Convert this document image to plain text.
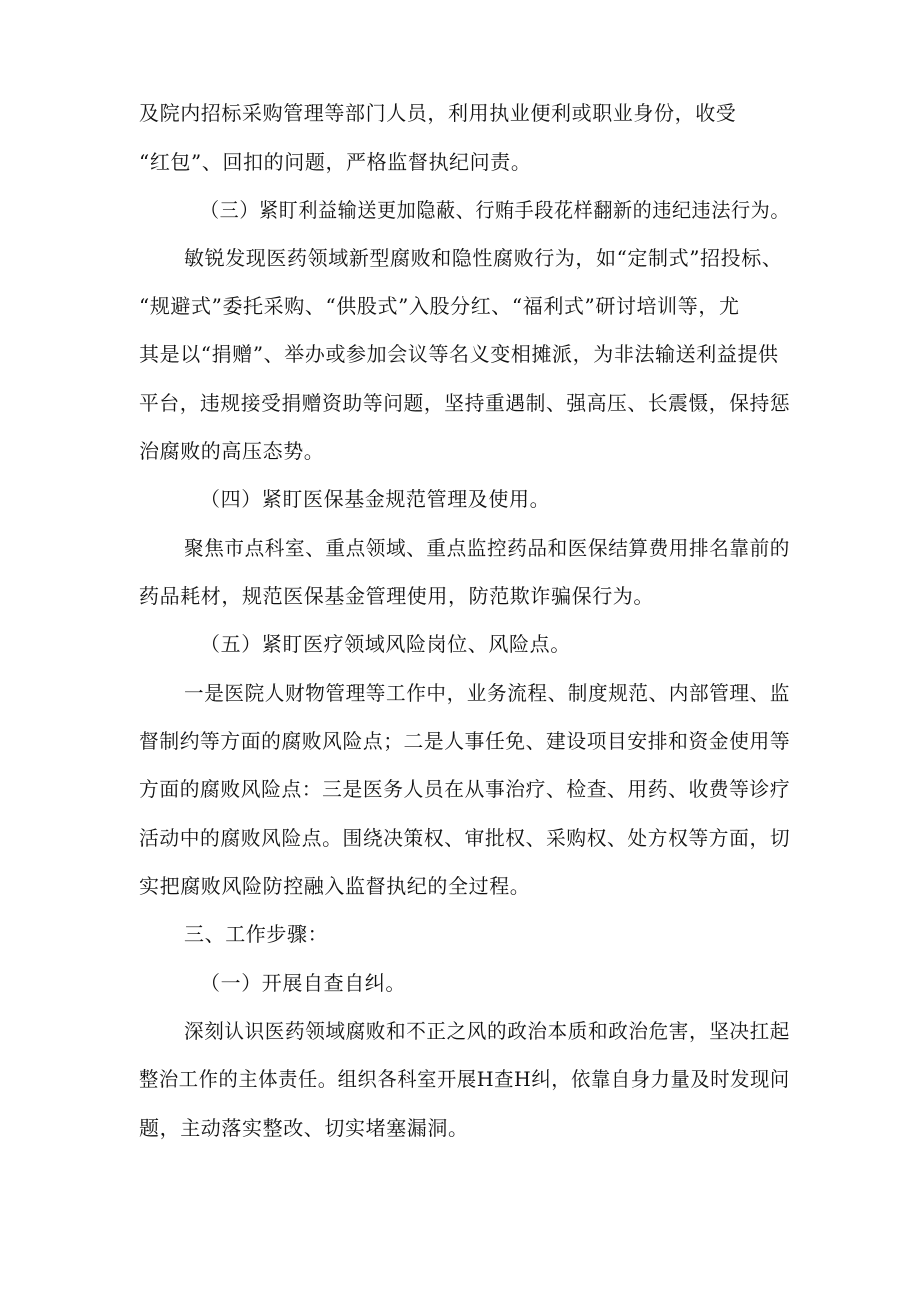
及院内招标采购管理等部门人员，利用执业便利或职业身份，收受
“红包”、回扣的问题，严格监督执纪问责。
（三）紧盯利益输送更加隐蔽、行贿手段花样翻新的违纪违法行为。
敏锐发现医药领域新型腐败和隐性腐败行为，如“定制式”招投标、
“规避式”委托采购、“供股式”入股分红、“福利式”研讨培训等，尤
其是以“捐赠”、举办或参加会议等名义变相摊派，为非法输送利益提供
平台，违规接受捐赠资助等问题，坚持重遇制、强高压、长震慑，保持惩
治腐败的高压态势。
（四）紧盯医保基金规范管理及使用。
聚焦市点科室、重点领域、重点监控药品和医保结算费用排名靠前的
药品耗材，规范医保基金管理使用，防范欺诈骗保行为。
（五）紧盯医疗领域风险岗位、风险点。
一是医院人财物管理等工作中，业务流程、制度规范、内部管理、监
督制约等方面的腐败风险点；二是人事任免、建设项目安排和资金使用等
方面的腐败风险点：三是医务人员在从事治疗、检查、用药、收费等诊疗
活动中的腐败风险点。围绕决策权、审批权、采购权、处方权等方面，切
实把腐败风险防控融入监督执纪的全过程。
三、工作步骤：
（一）开展自查自纠。
深刻认识医药领域腐败和不正之风的政治本质和政治危害，坚决扛起
整治工作的主体责任。组织各科室开展H查H纠，依靠自身力量及时发现问
题，主动落实整改、切实堵塞漏洞。
